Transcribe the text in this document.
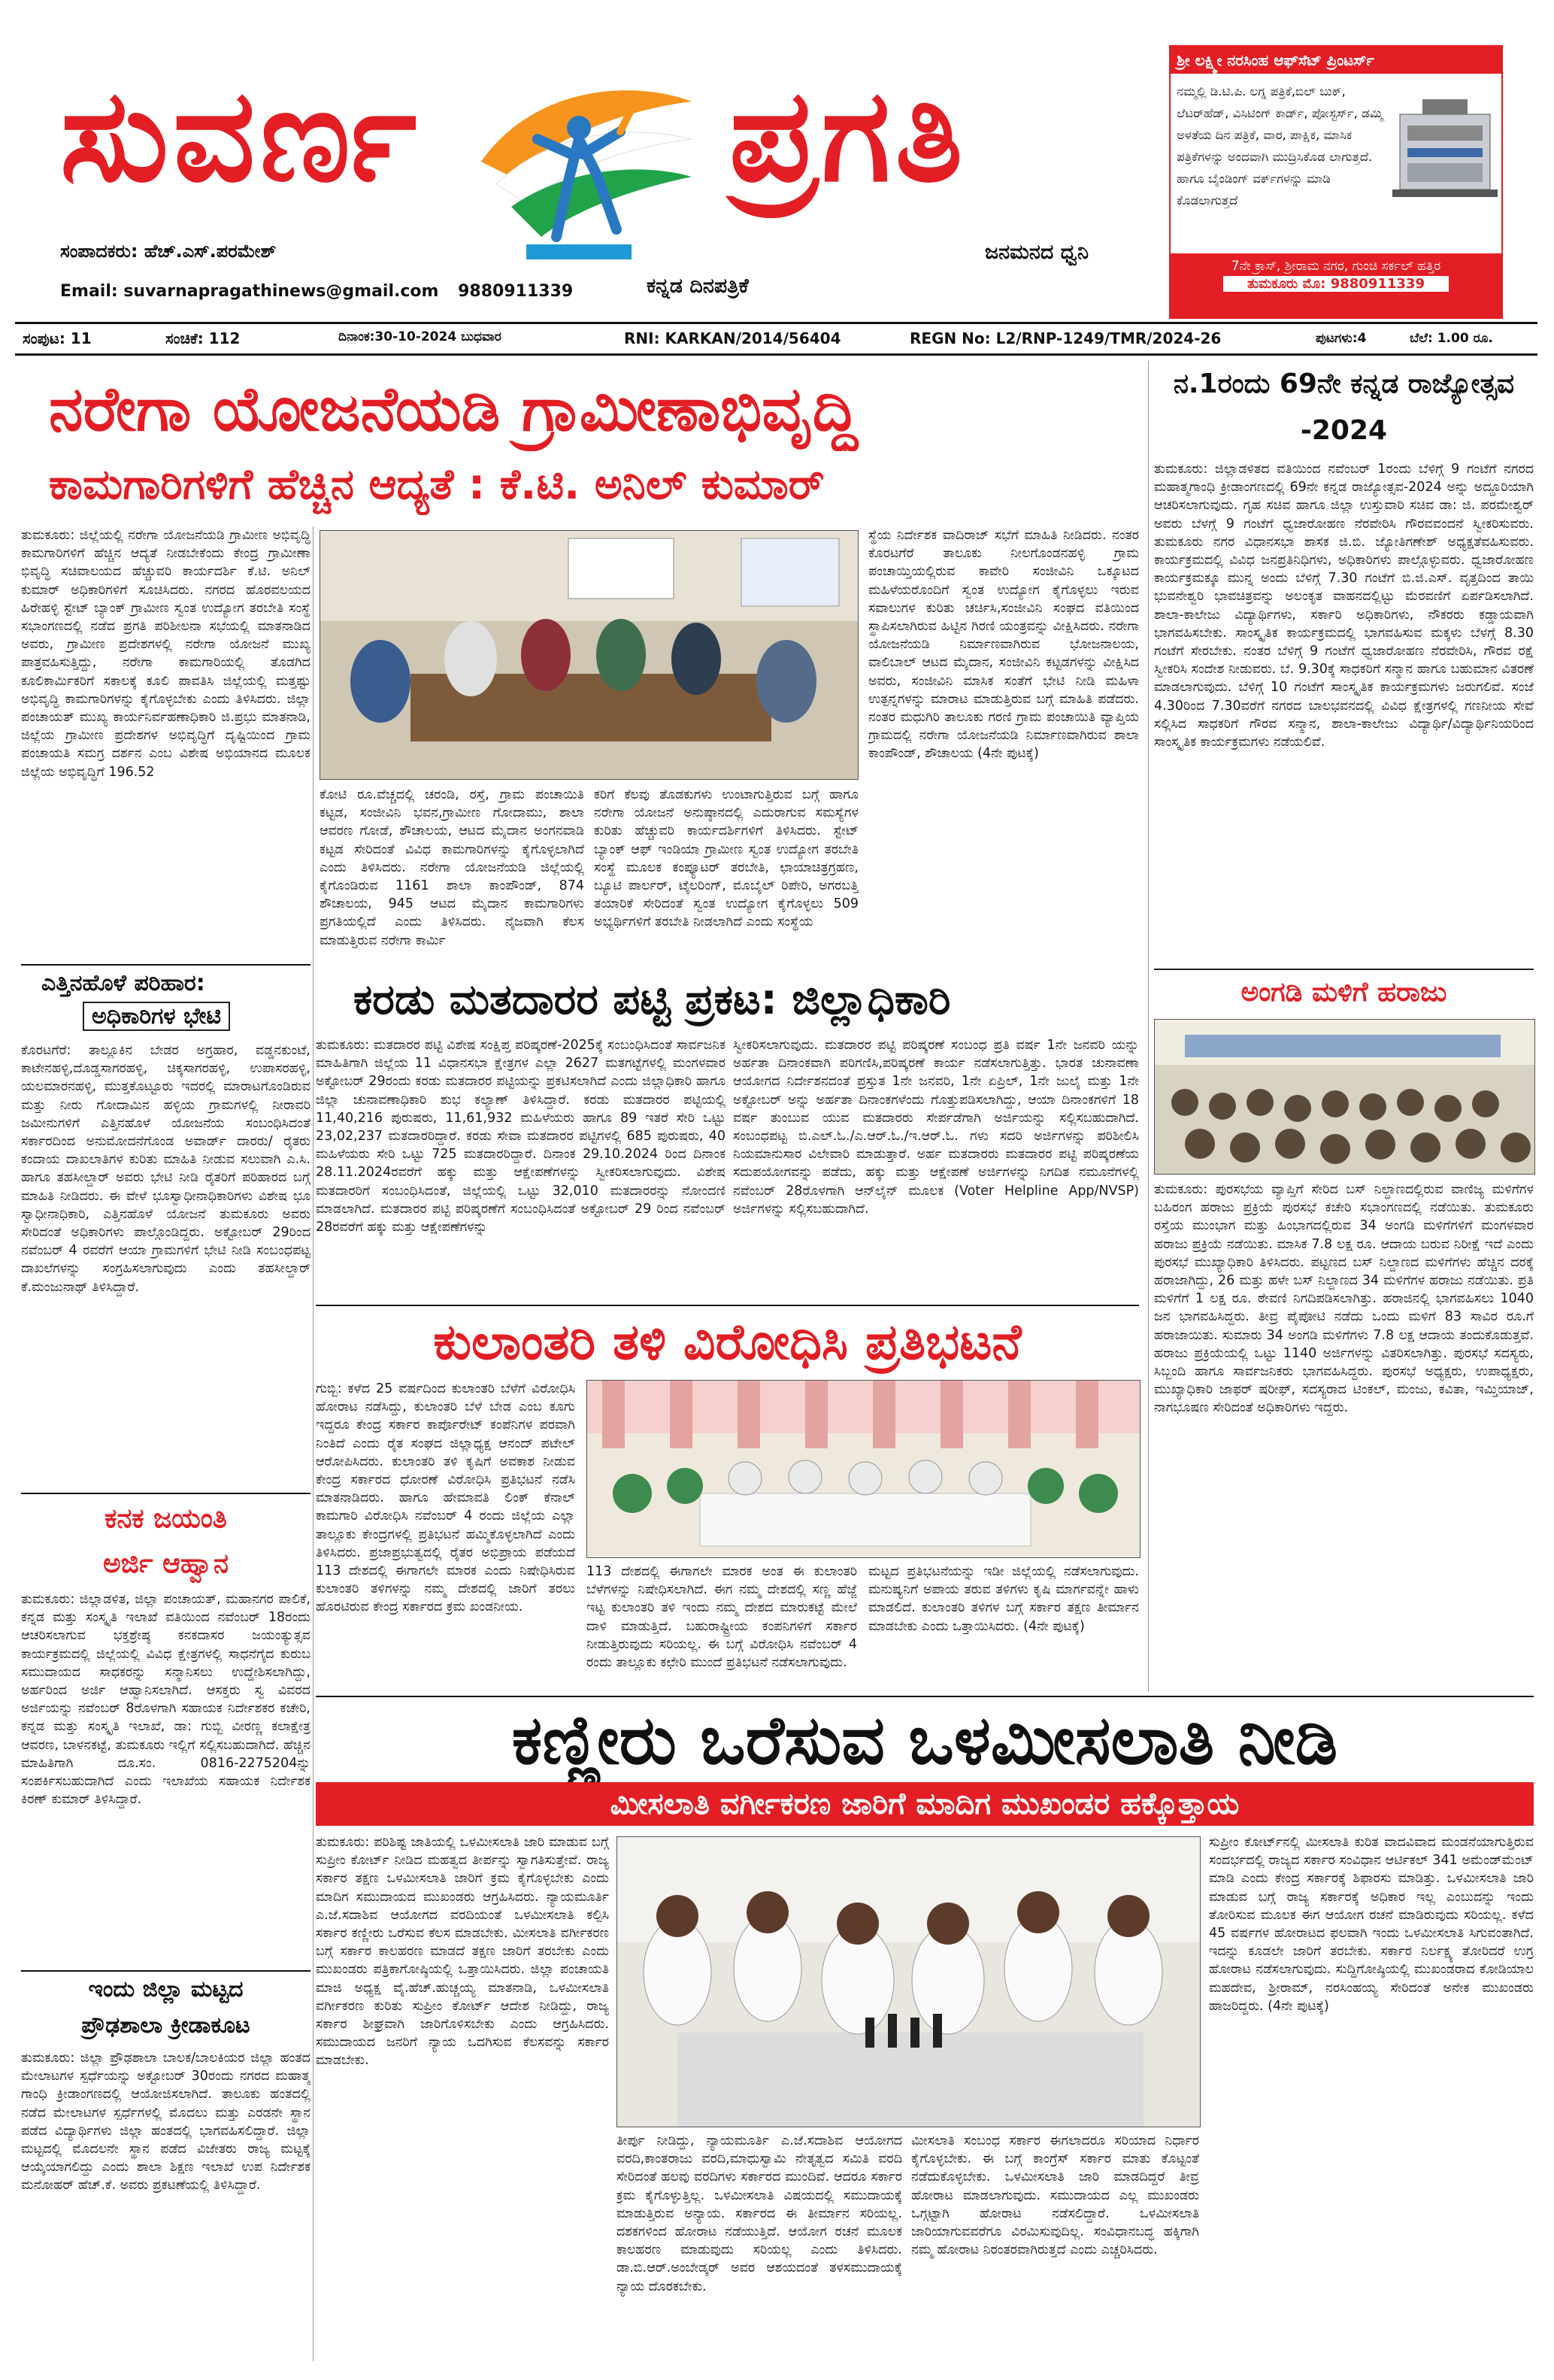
ಸುವರ್ಣ ಪ್ರಗತಿ
ಸಂಪಾದಕರು: ಹೆಚ್.ಎಸ್.ಪರಮೇಶ್
Email: suvarnapragathinews@gmail.com 9880911339	ಕನ್ನಡ ದಿನಪತ್ರಿಕೆ
ಜನಮನದ ಧ್ವನಿ
ಶ್ರೀ ಲಕ್ಷ್ಮೀ ನರಸಿಂಹ ಆಫ್‌ಸೆಟ್ ಪ್ರಿಂಟರ್ಸ್
ನಮ್ಮಲ್ಲಿ ಡಿ.ಟಿ.ಪಿ. ಲಗ್ನ ಪತ್ರಿಕೆ,ಬಿಲ್ ಬುಕ್, ಲೆಟರ್‌ಹೆಡ್, ವಿಸಿಟಿಂಗ್ ಕಾರ್ಡ್, ಪೋಸ್ಟರ್ಸ್, ಡಮ್ಮಿ ಅಳತೆಯ ದಿನ ಪತ್ರಿಕೆ, ವಾರ, ಪಾಕ್ಷಿಕ, ಮಾಸಿಕ ಪತ್ರಿಕೆಗಳನ್ನು ಅಂದವಾಗಿ ಮುದ್ರಿಸಿಕೊಡ ಲಾಗುತ್ತದೆ. ಹಾಗೂ ಬೈಂಡಿಂಗ್ ವರ್ಕ್‌ಗಳನ್ನು ಮಾಡಿ ಕೊಡಲಾಗುತ್ತದೆ
7ನೇ ಕ್ರಾಸ್, ಶ್ರೀರಾಮ ನಗರ, ಗುಂಚಿ ಸರ್ಕಲ್ ಹತ್ತಿರ
ತುಮಕೂರು ಮೊ: 9880911339
ಸಂಪುಟ: 11	ಸಂಚಿಕೆ: 112	ದಿನಾಂಕ:30-10-2024 ಬುಧವಾರ	RNI: KARKAN/2014/56404	REGN No: L2/RNP-1249/TMR/2024-26	ಪುಟಗಳು:4	ಬೆಲೆ: 1.00 ರೂ.
ನರೇಗಾ ಯೋಜನೆಯಡಿ ಗ್ರಾಮೀಣಾಭಿವೃದ್ಧಿ
ಕಾಮಗಾರಿಗಳಿಗೆ ಹೆಚ್ಚಿನ ಆದ್ಯತೆ : ಕೆ.ಟಿ. ಅನಿಲ್ ಕುಮಾರ್
ತುಮಕೂರು: ಜಿಲ್ಲೆಯಲ್ಲಿ ನರೇಗಾ ಯೋಜನೆಯಡಿ ಗ್ರಾಮೀಣ ಅಭಿವೃದ್ಧಿ ಕಾಮಗಾರಿಗಳಿಗೆ ಹೆಚ್ಚಿನ ಆದ್ಯತೆ ನೀಡಬೇಕೆಂದು ಕೇಂದ್ರ ಗ್ರಾಮೀಣಾ ಭಿವೃದ್ಧಿ ಸಚಿವಾಲಯದ ಹೆಚ್ಚುವರಿ ಕಾರ್ಯದರ್ಶಿ ಕೆ.ಟಿ. ಅನಿಲ್ ಕುಮಾರ್ ಅಧಿಕಾರಿಗಳಿಗೆ ಸೂಚಿಸಿದರು. ನಗರದ ಹೊರವಲಯದ ಹಿರೇಹಳ್ಳಿ ಸ್ಟೇಟ್ ಬ್ಯಾಂಕ್ ಗ್ರಾಮೀಣ ಸ್ವಂತ ಉದ್ಯೋಗ ತರಬೇತಿ ಸಂಸ್ಥೆ ಸಭಾಂಗಣದಲ್ಲಿ ನಡೆದ ಪ್ರಗತಿ ಪರಿಶೀಲನಾ ಸಭೆಯಲ್ಲಿ ಮಾತನಾಡಿದ ಅವರು, ಗ್ರಾಮೀಣ ಪ್ರದೇಶಗಳಲ್ಲಿ ನರೇಗಾ ಯೋಜನೆ ಮುಖ್ಯ ಪಾತ್ರವಹಿಸುತ್ತಿದ್ದು, ನರೇಗಾ ಕಾಮಗಾರಿಯಲ್ಲಿ ತೊಡಗಿದ ಕೂಲಿಕಾರ್ಮಿಕರಿಗೆ ಸಕಾಲಕ್ಕೆ ಕೂಲಿ ಪಾವತಿಸಿ ಜಿಲ್ಲೆಯಲ್ಲಿ ಮತ್ತಷ್ಟು ಅಭಿವೃದ್ಧಿ ಕಾಮಗಾರಿಗಳನ್ನು ಕೈಗೊಳ್ಳಬೇಕು ಎಂದು ತಿಳಿಸಿದರು. ಜಿಲ್ಲಾ ಪಂಚಾಯತ್ ಮುಖ್ಯ ಕಾರ್ಯನಿರ್ವಹಣಾಧಿಕಾರಿ ಜಿ.ಪ್ರಭು ಮಾತನಾಡಿ, ಜಿಲ್ಲೆಯ ಗ್ರಾಮೀಣ ಪ್ರದೇಶಗಳ ಅಭಿವೃದ್ಧಿಗೆ ದೃಷ್ಟಿಯಿಂದ ಗ್ರಾಮ ಪಂಚಾಯತಿ ಸಮಗ್ರ ದರ್ಶನ ಎಂಬ ವಿಶೇಷ ಅಭಿಯಾನದ ಮೂಲಕ ಜಿಲ್ಲೆಯ ಅಭಿವೃದ್ಧಿಗೆ 196.52
ಕೋಟಿ ರೂ.ವೆಚ್ಚದಲ್ಲಿ ಚರಂಡಿ, ರಸ್ತೆ, ಗ್ರಾಮ ಪಂಚಾಯಿತಿ ಕಟ್ಟಡ, ಸಂಜೀವಿನಿ ಭವನ,ಗ್ರಾಮೀಣ ಗೋದಾಮು, ಶಾಲಾ ಆವರಣ ಗೋಡೆ, ಶೌಚಾಲಯ, ಆಟದ ಮೈದಾನ ಅಂಗನವಾಡಿ ಕಟ್ಟಡ ಸೇರಿದಂತೆ ವಿವಿಧ ಕಾಮಗಾರಿಗಳನ್ನು ಕೈಗೊಳ್ಳಲಾಗಿದೆ ಎಂದು ತಿಳಿಸಿದರು. ನರೇಗಾ ಯೋಜನೆಯಡಿ ಜಿಲ್ಲೆಯಲ್ಲಿ ಕೈಗೊಂಡಿರುವ 1161 ಶಾಲಾ ಕಾಂಪೌಂಡ್, 874 ಶೌಚಾಲಯ, 945 ಆಟದ ಮೈದಾನ ಕಾಮಗಾರಿಗಳು ಪ್ರಗತಿಯಲ್ಲಿದೆ ಎಂದು ತಿಳಿಸಿದರು. ನೈಜವಾಗಿ ಕೆಲಸ ಮಾಡುತ್ತಿರುವ ನರೇಗಾ ಕಾರ್ಮಿ
ಕರಿಗೆ ಕೆಲವು ತೊಡಕುಗಳು ಉಂಟಾಗುತ್ತಿರುವ ಬಗ್ಗೆ ಹಾಗೂ ನರೇಗಾ ಯೋಜನೆ ಅನುಷ್ಠಾನದಲ್ಲಿ ಎದುರಾಗುವ ಸಮಸ್ಯೆಗಳ ಕುರಿತು ಹೆಚ್ಚುವರಿ ಕಾರ್ಯದರ್ಶಿಗಳಿಗೆ ತಿಳಿಸಿದರು. ಸ್ಟೇಟ್ ಬ್ಯಾಂಕ್ ಆಫ್ ಇಂಡಿಯಾ ಗ್ರಾಮೀಣ ಸ್ವಂತ ಉದ್ಯೋಗ ತರಬೇತಿ ಸಂಸ್ಥೆ ಮೂಲಕ ಕಂಪ್ಯೂಟರ್ ತರಬೇತಿ, ಛಾಯಾಚಿತ್ರಗ್ರಹಣ, ಬ್ಯೂಟಿ ಪಾರ್ಲರ್, ಟೈಲರಿಂಗ್, ಮೊಬೈಲ್ ರಿಪೇರಿ, ಅಗರಬತ್ತಿ ತಯಾರಿಕೆ ಸೇರಿದಂತೆ ಸ್ವಂತ ಉದ್ಯೋಗ ಕೈಗೊಳ್ಳಲು 509 ಅಭ್ಯರ್ಥಿಗಳಿಗೆ ತರಬೇತಿ ನೀಡಲಾಗಿದೆ ಎಂದು ಸಂಸ್ಥೆಯ
ಸ್ಥೆಯ ನಿರ್ದೇಶಕ ವಾದಿರಾಜ್ ಸಭೆಗೆ ಮಾಹಿತಿ ನೀಡಿದರು. ನಂತರ ಕೊರಟಗೆರೆ ತಾಲೂಕು ನೀಲಗೊಂಡನಹಳ್ಳಿ ಗ್ರಾಮ ಪಂಚಾಯ್ತಿಯಲ್ಲಿರುವ ಕಾವೇರಿ ಸಂಜೀವಿನಿ ಒಕ್ಕೂಟದ ಮಹಿಳೆಯರೊಂದಿಗೆ ಸ್ವಂತ ಉದ್ಯೋಗ ಕೈಗೊಳ್ಳಲು ಇರುವ ಸವಾಲುಗಳ ಕುರಿತು ಚರ್ಚಿಸಿ,ಸಂಜೀವಿನಿ ಸಂಘದ ವತಿಯಿಂದ ಸ್ಥಾಪಿಸಲಾಗಿರುವ ಹಿಟ್ಟಿನ ಗಿರಣಿ ಯಂತ್ರವನ್ನು ವೀಕ್ಷಿಸಿದರು. ನರೇಗಾ ಯೋಜನೆಯಡಿ ನಿರ್ಮಾಣವಾಗಿರುವ ಭೋಜನಾಲಯ, ವಾಲಿಬಾಲ್ ಆಟದ ಮೈದಾನ, ಸಂಜೀವಿನಿ ಕಟ್ಟಡಗಳನ್ನು ವೀಕ್ಷಿಸಿದ ಅವರು, ಸಂಜೀವಿನಿ ಮಾಸಿಕ ಸಂತೆಗೆ ಭೇಟಿ ನೀಡಿ ಮಹಿಳಾ ಉತ್ಪನ್ನಗಳನ್ನು ಮಾರಾಟ ಮಾಡುತ್ತಿರುವ ಬಗ್ಗೆ ಮಾಹಿತಿ ಪಡೆದರು. ನಂತರ ಮಧುಗಿರಿ ತಾಲೂಕು ಗರಣಿ ಗ್ರಾಮ ಪಂಚಾಯಿತಿ ವ್ಯಾಪ್ತಿಯ ಗ್ರಾಮದಲ್ಲಿ ನರೇಗಾ ಯೋಜನೆಯಡಿ ನಿರ್ಮಾಣವಾಗಿರುವ ಶಾಲಾ ಕಾಂಪೌಂಡ್, ಶೌಚಾಲಯ (4ನೇ ಪುಟಕ್ಕೆ)
ನ.1ರಂದು 69ನೇ ಕನ್ನಡ ರಾಜ್ಯೋತ್ಸವ -2024
ತುಮಕೂರು: ಜಿಲ್ಲಾಡಳಿತದ ವತಿಯಿಂದ ನವೆಂಬರ್ 1ರಂದು ಬೆಳಿಗ್ಗೆ 9 ಗಂಟೆಗೆ ನಗರದ ಮಹಾತ್ಮಗಾಂಧಿ ಕ್ರೀಡಾಂಗಣದಲ್ಲಿ 69ನೇ ಕನ್ನಡ ರಾಜ್ಯೋತ್ಸವ-2024 ಅನ್ನು ಅದ್ದೂರಿಯಾಗಿ ಆಚರಿಸಲಾಗುವುದು. ಗೃಹ ಸಚಿವ ಹಾಗೂ ಜಿಲ್ಲಾ ಉಸ್ತುವಾರಿ ಸಚಿವ ಡಾ: ಜಿ. ಪರಮೇಶ್ವರ್ ಅವರು ಬೆಳಗ್ಗೆ 9 ಗಂಟೆಗೆ ಧ್ವಜಾರೋಹಣ ನೆರವೇರಿಸಿ ಗೌರವವಂದನೆ ಸ್ವೀಕರಿಸುವರು. ತುಮಕೂರು ನಗರ ವಿಧಾನಸಭಾ ಶಾಸಕ ಜಿ.ಬಿ. ಜ್ಯೋತಿಗಣೇಶ್ ಅಧ್ಯಕ್ಷತೆವಹಿಸುವರು. ಕಾರ್ಯಕ್ರಮದಲ್ಲಿ ವಿವಿಧ ಜನಪ್ರತಿನಿಧಿಗಳು, ಅಧಿಕಾರಿಗಳು ಪಾಲ್ಗೊಳ್ಳುವರು. ಧ್ವಜಾರೋಹಣ ಕಾರ್ಯಕ್ರಮಕ್ಕೂ ಮುನ್ನ ಅಂದು ಬೆಳಿಗ್ಗೆ 7.30 ಗಂಟೆಗೆ ಬಿ.ಜಿ.ಎಸ್. ವೃತ್ತದಿಂದ ತಾಯಿ ಭುವನೇಶ್ವರಿ ಭಾವಚಿತ್ರವನ್ನು ಅಲಂಕೃತ ವಾಹನದಲ್ಲಿಟ್ಟು ಮೆರವಣಿಗೆ ಏರ್ಪಡಿಸಲಾಗಿದೆ. ಶಾಲಾ-ಕಾಲೇಜು ವಿದ್ಯಾರ್ಥಿಗಳು, ಸರ್ಕಾರಿ ಅಧಿಕಾರಿಗಳು, ನೌಕರರು ಕಡ್ಡಾಯವಾಗಿ ಭಾಗವಹಿಸಬೇಕು. ಸಾಂಸ್ಕೃತಿಕ ಕಾರ್ಯಕ್ರಮದಲ್ಲಿ ಭಾಗವಹಿಸುವ ಮಕ್ಕಳು ಬೆಳಗ್ಗೆ 8.30 ಗಂಟೆಗೆ ಸೇರಬೇಕು. ನಂತರ ಬೆಳಿಗ್ಗೆ 9 ಗಂಟೆಗೆ ಧ್ವಜಾರೋಹಣ ನೆರವೇರಿಸಿ, ಗೌರವ ರಕ್ಷೆ ಸ್ವೀಕರಿಸಿ ಸಂದೇಶ ನೀಡುವರು. ಬೆ. 9.30ಕ್ಕೆ ಸಾಧಕರಿಗೆ ಸನ್ಮಾನ ಹಾಗೂ ಬಹುಮಾನ ವಿತರಣೆ ಮಾಡಲಾಗುವುದು. ಬೆಳಿಗ್ಗೆ 10 ಗಂಟೆಗೆ ಸಾಂಸ್ಕೃತಿಕ ಕಾರ್ಯಕ್ರಮಗಳು ಜರುಗಲಿವೆ. ಸಂಜೆ 4.30ರಿಂದ 7.30ವರೆಗೆ ನಗರದ ಬಾಲಭವನದಲ್ಲಿ ವಿವಿಧ ಕ್ಷೇತ್ರಗಳಲ್ಲಿ ಗಣನೀಯ ಸೇವೆ ಸಲ್ಲಿಸಿದ ಸಾಧಕರಿಗೆ ಗೌರವ ಸನ್ಮಾನ, ಶಾಲಾ-ಕಾಲೇಜು ವಿದ್ಯಾರ್ಥಿ/ವಿದ್ಯಾರ್ಥಿನಿಯರಿಂದ ಸಾಂಸ್ಕೃತಿಕ ಕಾರ್ಯಕ್ರಮಗಳು ನಡೆಯಲಿವೆ.
ಎತ್ತಿನಹೊಳೆ ಪರಿಹಾರ:
ಅಧಿಕಾರಿಗಳ ಭೇಟಿ
ಕೊರಟಗೆರೆ: ತಾಲ್ಲೂಕಿನ ಬೇಡರ ಅಗ್ರಹಾರ, ವಡ್ಡನಕುಂಟೆ, ಕಾಟೇನಹಳ್ಳಿ,ದೊಡ್ಡಸಾಗರಹಳ್ಳಿ, ಚಿಕ್ಕಸಾಗರಹಳ್ಳಿ, ಉಪಾಸರಹಳ್ಳಿ, ಯಲಮಾರನಹಳ್ಳಿ, ಮುತ್ತಕೊಟ್ಟೂರು ಇದರಲ್ಲಿ ಮಾರಾಟಗೊಂಡಿರುವ ಮತ್ತು ನೀರು ಗೋದಾಮಿನ ಹಳ್ಳಿಯ ಗ್ರಾಮಗಳಲ್ಲಿ ನೀರಾವರಿ ಜಮೀನುಗಳಿಗೆ ಎತ್ತಿನಹೊಳೆ ಯೋಜನೆಯ ಸಂಬಂಧಿಸಿದಂತೆ ಸರ್ಕಾರದಿಂದ ಅನುಮೋದನೆಗೊಂಡ ಅವಾರ್ಡ್ ದಾರರು/ ರೈತರು ಕಂದಾಯ ದಾಖಲಾತಿಗಳ ಕುರಿತು ಮಾಹಿತಿ ನೀಡುವ ಸಲುವಾಗಿ ಎ.ಸಿ. ಹಾಗೂ ತಹಸೀಲ್ದಾರ್ ಅವರು ಭೇಟಿ ನೀಡಿ ರೈತರಿಗೆ ಪರಿಹಾರದ ಬಗ್ಗೆ ಮಾಹಿತಿ ನೀಡಿದರು. ಈ ವೇಳೆ ಭೂಸ್ವಾಧೀನಾಧಿಕಾರಿಗಳು ವಿಶೇಷ ಭೂ ಸ್ವಾಧೀನಾಧಿಕಾರಿ, ಎತ್ತಿನಹೊಳೆ ಯೋಜನೆ ತುಮಕೂರು ಅವರು ಸೇರಿದಂತೆ ಅಧಿಕಾರಿಗಳು ಪಾಲ್ಗೊಂಡಿದ್ದರು. ಅಕ್ಟೋಬರ್ 29ರಿಂದ ನವೆಂಬರ್ 4 ರವರೆಗೆ ಆಯಾ ಗ್ರಾಮಗಳಿಗೆ ಭೇಟಿ ನೀಡಿ ಸಂಬಂಧಪಟ್ಟ ದಾಖಲೆಗಳನ್ನು ಸಂಗ್ರಹಿಸಲಾಗುವುದು ಎಂದು ತಹಸೀಲ್ದಾರ್ ಕೆ.ಮಂಜುನಾಥ್ ತಿಳಿಸಿದ್ದಾರೆ.
ಕರಡು ಮತದಾರರ ಪಟ್ಟಿ ಪ್ರಕಟ: ಜಿಲ್ಲಾಧಿಕಾರಿ
ತುಮಕೂರು: ಮತದಾರರ ಪಟ್ಟಿ ವಿಶೇಷ ಸಂಕ್ಷಿಪ್ತ ಪರಿಷ್ಕರಣೆ-2025ಕ್ಕೆ ಸಂಬಂಧಿಸಿದಂತೆ ಸಾರ್ವಜನಿಕ ಮಾಹಿತಿಗಾಗಿ ಜಿಲ್ಲೆಯ 11 ವಿಧಾನಸಭಾ ಕ್ಷೇತ್ರಗಳ ಎಲ್ಲಾ 2627 ಮತಗಟ್ಟೆಗಳಲ್ಲಿ ಮಂಗಳವಾರ ಅಕ್ಟೋಬರ್ 29ರಂದು ಕರಡು ಮತದಾರರ ಪಟ್ಟಿಯನ್ನು ಪ್ರಕಟಿಸಲಾಗಿದೆ ಎಂದು ಜಿಲ್ಲಾಧಿಕಾರಿ ಹಾಗೂ ಜಿಲ್ಲಾ ಚುನಾವಣಾಧಿಕಾರಿ ಶುಭ ಕಲ್ಯಾಣ್ ತಿಳಿಸಿದ್ದಾರೆ. ಕರಡು ಮತದಾರರ ಪಟ್ಟಿಯಲ್ಲಿ 11,40,216 ಪುರುಷರು, 11,61,932 ಮಹಿಳೆಯರು ಹಾಗೂ 89 ಇತರೆ ಸೇರಿ ಒಟ್ಟು 23,02,237 ಮತದಾರರಿದ್ದಾರೆ. ಕರಡು ಸೇವಾ ಮತದಾರರ ಪಟ್ಟಿಗಳಲ್ಲಿ 685 ಪುರುಷರು, 40 ಮಹಿಳೆಯರು ಸೇರಿ ಒಟ್ಟು 725 ಮತದಾರರಿದ್ದಾರೆ. ದಿನಾಂಕ 29.10.2024 ರಿಂದ ದಿನಾಂಕ 28.11.2024ರವರೆಗೆ ಹಕ್ಕು ಮತ್ತು ಆಕ್ಷೇಪಣೆಗಳನ್ನು ಸ್ವೀಕರಿಸಲಾಗುವುದು. ವಿಶೇಷ ಮತದಾರರಿಗೆ ಸಂಬಂಧಿಸಿದಂತೆ, ಜಿಲ್ಲೆಯಲ್ಲಿ ಒಟ್ಟು 32,010 ಮತದಾರರನ್ನು ನೋಂದಣಿ ಮಾಡಲಾಗಿದೆ. ಮತದಾರರ ಪಟ್ಟಿ ಪರಿಷ್ಕರಣೆಗೆ ಸಂಬಂಧಿಸಿದಂತೆ ಅಕ್ಟೋಬರ್ 29 ರಿಂದ ನವೆಂಬರ್ 28ರವರೆಗೆ ಹಕ್ಕು ಮತ್ತು ಆಕ್ಷೇಪಣೆಗಳನ್ನು
ಸ್ವೀಕರಿಸಲಾಗುವುದು. ಮತದಾರರ ಪಟ್ಟಿ ಪರಿಷ್ಕರಣೆ ಸಂಬಂಧ ಪ್ರತಿ ವರ್ಷ 1ನೇ ಜನವರಿ ಯನ್ನು ಅರ್ಹತಾ ದಿನಾಂಕವಾಗಿ ಪರಿಗಣಿಸಿ,ಪರಿಷ್ಕರಣೆ ಕಾರ್ಯ ನಡೆಸಲಾಗುತ್ತಿತ್ತು. ಭಾರತ ಚುನಾವಣಾ ಆಯೋಗದ ನಿರ್ದೇಶನದಂತೆ ಪ್ರಸ್ತುತ 1ನೇ ಜನವರಿ, 1ನೇ ಏಪ್ರಿಲ್, 1ನೇ ಜುಲೈ ಮತ್ತು 1ನೇ ಅಕ್ಟೋಬರ್ ಅನ್ನು ಅರ್ಹತಾ ದಿನಾಂಕಗಳೆಂದು ಗೊತ್ತುಪಡಿಸಲಾಗಿದ್ದು, ಆಯಾ ದಿನಾಂಕಗಳಿಗೆ 18 ವರ್ಷ ತುಂಬುವ ಯುವ ಮತದಾರರು ಸೇರ್ಪಡೆಗಾಗಿ ಅರ್ಜಿಯನ್ನು ಸಲ್ಲಿಸಬಹುದಾಗಿದೆ. ಸಂಬಂಧಪಟ್ಟ ಬಿ.ಎಲ್.ಓ./ಎ.ಆರ್.ಓ./ಇ.ಆರ್.ಓ. ಗಳು ಸದರಿ ಅರ್ಜಿಗಳನ್ನು ಪರಿಶೀಲಿಸಿ ನಿಯಮಾನುಸಾರ ವಿಲೇವಾರಿ ಮಾಡುತ್ತಾರೆ. ಅರ್ಹ ಮತದಾರರು ಮತದಾರರ ಪಟ್ಟಿ ಪರಿಷ್ಕರಣೆಯ ಸದುಪಯೋಗವನ್ನು ಪಡೆದು, ಹಕ್ಕು ಮತ್ತು ಆಕ್ಷೇಪಣೆ ಅರ್ಜಿಗಳನ್ನು ನಿಗದಿತ ನಮೂನೆಗಳಲ್ಲಿ ನವೆಂಬರ್ 28ರೊಳಗಾಗಿ ಆನ್‌ಲೈನ್ ಮೂಲಕ (Voter Helpline App/NVSP) ಅರ್ಜಿಗಳನ್ನು ಸಲ್ಲಿಸಬಹುದಾಗಿದೆ.
ಅಂಗಡಿ ಮಳಿಗೆ ಹರಾಜು
ತುಮಕೂರು: ಪುರಸಭೆಯ ವ್ಯಾಪ್ತಿಗೆ ಸೇರಿದ ಬಸ್ ನಿಲ್ದಾಣದಲ್ಲಿರುವ ವಾಣಿಜ್ಯ ಮಳಿಗೆಗಳ ಬಹಿರಂಗ ಹರಾಜು ಪ್ರಕ್ರಿಯೆ ಪುರಸಭೆ ಕಚೇರಿ ಸಭಾಂಗಣದಲ್ಲಿ ನಡೆಯಿತು. ತುಮಕೂರು ರಸ್ತೆಯ ಮುಂಭಾಗ ಮತ್ತು ಹಿಂಭಾಗದಲ್ಲಿರುವ 34 ಅಂಗಡಿ ಮಳಿಗೆಗಳಿಗೆ ಮಂಗಳವಾರ ಹರಾಜು ಪ್ರಕ್ರಿಯೆ ನಡೆಯಿತು. ಮಾಸಿಕ 7.8 ಲಕ್ಷ ರೂ. ಆದಾಯ ಬರುವ ನಿರೀಕ್ಷೆ ಇದೆ ಎಂದು ಪುರಸಭೆ ಮುಖ್ಯಾಧಿಕಾರಿ ತಿಳಿಸಿದರು. ಪಟ್ಟಣದ ಬಸ್ ನಿಲ್ದಾಣದ ಮಳಿಗೆಗಳು ಹೆಚ್ಚಿನ ದರಕ್ಕೆ ಹರಾಜಾಗಿದ್ದು, 26 ಮತ್ತು ಹಳೇ ಬಸ್ ನಿಲ್ದಾಣದ 34 ಮಳಿಗೆಗಳ ಹರಾಜು ನಡೆಯಿತು. ಪ್ರತಿ ಮಳಿಗೆಗೆ 1 ಲಕ್ಷ ರೂ. ಠೇವಣಿ ನಿಗದಿಪಡಿಸಲಾಗಿತ್ತು. ಹರಾಜಿನಲ್ಲಿ ಭಾಗವಹಿಸಲು 1040 ಜನ ಭಾಗವಹಿಸಿದ್ದರು. ತೀವ್ರ ಪೈಪೋಟಿ ನಡೆದು ಒಂದು ಮಳಿಗೆ 83 ಸಾವಿರ ರೂ.ಗೆ ಹರಾಜಾಯಿತು. ಸುಮಾರು 34 ಅಂಗಡಿ ಮಳಿಗೆಗಳು 7.8 ಲಕ್ಷ ಆದಾಯ ತಂದುಕೊಡುತ್ತವೆ. ಹರಾಜು ಪ್ರಕ್ರಿಯೆಯಲ್ಲಿ ಒಟ್ಟು 1140 ಅರ್ಜಿಗಳನ್ನು ವಿತರಿಸಲಾಗಿತ್ತು. ಪುರಸಭೆ ಸದಸ್ಯರು, ಸಿಬ್ಬಂದಿ ಹಾಗೂ ಸಾರ್ವಜನಿಕರು ಭಾಗವಹಿಸಿದ್ದರು. ಪುರಸಭೆ ಅಧ್ಯಕ್ಷರು, ಉಪಾಧ್ಯಕ್ಷರು, ಮುಖ್ಯಾಧಿಕಾರಿ ಜಾಫರ್ ಷರೀಫ್, ಸದಸ್ಯರಾದ ಟಿಂಕಲ್, ಮಂಜು, ಕವಿತಾ, ಇಮ್ತಿಯಾಜ್, ನಾಗಭೂಷಣ ಸೇರಿದಂತೆ ಅಧಿಕಾರಿಗಳು ಇದ್ದರು.
ಕನಕ ಜಯಂತಿ
ಅರ್ಜಿ ಆಹ್ವಾನ
ತುಮಕೂರು: ಜಿಲ್ಲಾಡಳಿತ, ಜಿಲ್ಲಾ ಪಂಚಾಯತ್, ಮಹಾನಗರ ಪಾಲಿಕೆ, ಕನ್ನಡ ಮತ್ತು ಸಂಸ್ಕೃತಿ ಇಲಾಖೆ ವತಿಯಿಂದ ನವೆಂಬರ್ 18ರಂದು ಆಚರಿಸಲಾಗುವ ಭಕ್ತಶ್ರೇಷ್ಠ ಕನಕದಾಸರ ಜಯಂತ್ಯುತ್ಸವ ಕಾರ್ಯಕ್ರಮದಲ್ಲಿ ಜಿಲ್ಲೆಯಲ್ಲಿ ವಿವಿಧ ಕ್ಷೇತ್ರಗಳಲ್ಲಿ ಸಾಧನೆಗೈದ ಕುರುಬ ಸಮುದಾಯದ ಸಾಧಕರನ್ನು ಸನ್ಮಾನಿಸಲು ಉದ್ದೇಶಿಸಲಾಗಿದ್ದು, ಅರ್ಹರಿಂದ ಅರ್ಜಿ ಆಹ್ವಾನಿಸಲಾಗಿದೆ. ಆಸಕ್ತರು ಸ್ವ ವಿವರದ ಅರ್ಜಿಯನ್ನು ನವೆಂಬರ್ 8ರೊಳಗಾಗಿ ಸಹಾಯಕ ನಿರ್ದೇಶಕರ ಕಚೇರಿ, ಕನ್ನಡ ಮತ್ತು ಸಂಸ್ಕೃತಿ ಇಲಾಖೆ, ಡಾ: ಗುಬ್ಬಿ ವೀರಣ್ಣ ಕಲಾಕ್ಷೇತ್ರ ಆವರಣ, ಬಾಳನಕಟ್ಟೆ, ತುಮಕೂರು ಇಲ್ಲಿಗೆ ಸಲ್ಲಿಸಬಹುದಾಗಿದೆ. ಹೆಚ್ಚಿನ ಮಾಹಿತಿಗಾಗಿ ದೂ.ಸಂ. 0816-2275204ನ್ನು ಸಂಪರ್ಕಿಸಬಹುದಾಗಿದೆ ಎಂದು ಇಲಾಖೆಯ ಸಹಾಯಕ ನಿರ್ದೇಶಕ ಕಿರಣ್ ಕುಮಾರ್ ತಿಳಿಸಿದ್ದಾರೆ.
ಕುಲಾಂತರಿ ತಳಿ ವಿರೋಧಿಸಿ ಪ್ರತಿಭಟನೆ
ಗುಬ್ಬಿ: ಕಳೆದ 25 ವರ್ಷದಿಂದ ಕುಲಾಂತರಿ ಬೆಳೆಗೆ ವಿರೋಧಿಸಿ ಹೋರಾಟ ನಡೆಸಿದ್ದು, ಕುಲಾಂತರಿ ಬೆಳೆ ಬೇಡ ಎಂಬ ಕೂಗು ಇದ್ದರೂ ಕೇಂದ್ರ ಸರ್ಕಾರ ಕಾರ್ಪೊರೇಟ್ ಕಂಪೆನಿಗಳ ಪರವಾಗಿ ನಿಂತಿದೆ ಎಂದು ರೈತ ಸಂಘದ ಜಿಲ್ಲಾಧ್ಯಕ್ಷ ಆನಂದ್ ಪಟೇಲ್ ಆರೋಪಿಸಿದರು. ಕುಲಾಂತರಿ ತಳಿ ಕೃಷಿಗೆ ಅವಕಾಶ ನೀಡುವ ಕೇಂದ್ರ ಸರ್ಕಾರದ ಧೋರಣೆ ವಿರೋಧಿಸಿ ಪ್ರತಿಭಟನೆ ನಡೆಸಿ ಮಾತನಾಡಿದರು. ಹಾಗೂ ಹೇಮಾವತಿ ಲಿಂಕ್ ಕೆನಾಲ್ ಕಾಮಗಾರಿ ವಿರೋಧಿಸಿ ನವೆಂಬರ್ 4 ರಂದು ಜಿಲ್ಲೆಯ ಎಲ್ಲಾ ತಾಲ್ಲೂಕು ಕೇಂದ್ರಗಳಲ್ಲಿ ಪ್ರತಿಭಟನೆ ಹಮ್ಮಿಕೊಳ್ಳಲಾಗಿದೆ ಎಂದು ತಿಳಿಸಿದರು. ಪ್ರಜಾಪ್ರಭುತ್ವದಲ್ಲಿ ರೈತರ ಅಭಿಪ್ರಾಯ ಪಡೆಯದೆ 113 ದೇಶದಲ್ಲಿ ಈಗಾಗಲೇ ಮಾರಕ ಎಂದು ನಿಷೇಧಿಸಿರುವ ಕುಲಾಂತರಿ ತಳಿಗಳನ್ನು ನಮ್ಮ ದೇಶದಲ್ಲಿ ಜಾರಿಗೆ ತರಲು ಹೊರಟಿರುವ ಕೇಂದ್ರ ಸರ್ಕಾರದ ಕ್ರಮ ಖಂಡನೀಯ.
113 ದೇಶದಲ್ಲಿ ಈಗಾಗಲೇ ಮಾರಕ ಅಂತ ಈ ಕುಲಾಂತರಿ ಬೆಳೆಗಳನ್ನು ನಿಷೇಧಿಸಲಾಗಿದೆ. ಈಗ ನಮ್ಮ ದೇಶದಲ್ಲಿ ಸಣ್ಣ ಹೆಜ್ಜೆ ಇಟ್ಟ ಕುಲಾಂತರಿ ತಳಿ ಇಂದು ನಮ್ಮ ದೇಶದ ಮಾರುಕಟ್ಟೆ ಮೇಲೆ ದಾಳಿ ಮಾಡುತ್ತಿದೆ. ಬಹುರಾಷ್ಟ್ರೀಯ ಕಂಪನಿಗಳಿಗೆ ಸರ್ಕಾರ ನೀಡುತ್ತಿರುವುದು ಸರಿಯಲ್ಲ. ಈ ಬಗ್ಗೆ ವಿರೋಧಿಸಿ ನವೆಂಬರ್ 4 ರಂದು ತಾಲ್ಲೂಕು ಕಛೇರಿ ಮುಂದೆ ಪ್ರತಿಭಟನೆ ನಡೆಸಲಾಗುವುದು.
ಮಟ್ಟದ ಪ್ರತಿಭಟನೆಯನ್ನು ಇಡೀ ಜಿಲ್ಲೆಯಲ್ಲಿ ನಡೆಸಲಾಗುವುದು. ಮನುಷ್ಯನಿಗೆ ಅಪಾಯ ತರುವ ತಳಿಗಳು ಕೃಷಿ ಮಾರ್ಗವನ್ನೇ ಹಾಳು ಮಾಡಲಿದೆ. ಕುಲಾಂತರಿ ತಳಿಗಳ ಬಗ್ಗೆ ಸರ್ಕಾರ ತಕ್ಷಣ ತೀರ್ಮಾನ ಮಾಡಬೇಕು ಎಂದು ಒತ್ತಾಯಿಸಿದರು. (4ನೇ ಪುಟಕ್ಕೆ)
ಇಂದು ಜಿಲ್ಲಾ ಮಟ್ಟದ
ಪ್ರೌಢಶಾಲಾ ಕ್ರೀಡಾಕೂಟ
ತುಮಕೂರು: ಜಿಲ್ಲಾ ಪ್ರೌಢಶಾಲಾ ಬಾಲಕ/ಬಾಲಕಿಯರ ಜಿಲ್ಲಾ ಹಂತದ ಮೇಲಾಟಗಳ ಸ್ಪರ್ಧೆಯನ್ನು ಅಕ್ಟೋಬರ್ 30ರಂದು ನಗರದ ಮಹಾತ್ಮ ಗಾಂಧಿ ಕ್ರೀಡಾಂಗಣದಲ್ಲಿ ಆಯೋಜಿಸಲಾಗಿದೆ. ತಾಲೂಕು ಹಂತದಲ್ಲಿ ನಡೆದ ಮೇಲಾಟಗಳ ಸ್ಪರ್ಧೆಗಳಲ್ಲಿ ಮೊದಲು ಮತ್ತು ಎರಡನೇ ಸ್ಥಾನ ಪಡೆದ ವಿದ್ಯಾರ್ಥಿಗಳು ಜಿಲ್ಲಾ ಹಂತದಲ್ಲಿ ಭಾಗವಹಿಸಲಿದ್ದಾರೆ. ಜಿಲ್ಲಾ ಮಟ್ಟದಲ್ಲಿ ಮೊದಲನೇ ಸ್ಥಾನ ಪಡೆದ ವಿಜೇತರು ರಾಜ್ಯ ಮಟ್ಟಕ್ಕೆ ಆಯ್ಕೆಯಾಗಲಿದ್ದು ಎಂದು ಶಾಲಾ ಶಿಕ್ಷಣ ಇಲಾಖೆ ಉಪ ನಿರ್ದೇಶಕ ಮನೋಹರ್ ಹೆಚ್.ಕೆ. ಅವರು ಪ್ರಕಟಣೆಯಲ್ಲಿ ತಿಳಿಸಿದ್ದಾರೆ.
ಕಣ್ಣೀರು ಒರೆಸುವ ಒಳಮೀಸಲಾತಿ ನೀಡಿ
ಮೀಸಲಾತಿ ವರ್ಗೀಕರಣ ಜಾರಿಗೆ ಮಾದಿಗ ಮುಖಂಡರ ಹಕ್ಕೊತ್ತಾಯ
ತುಮಕೂರು: ಪರಿಶಿಷ್ಟ ಜಾತಿಯಲ್ಲಿ ಒಳಮೀಸಲಾತಿ ಜಾರಿ ಮಾಡುವ ಬಗ್ಗೆ ಸುಪ್ರೀಂ ಕೋರ್ಟ್ ನೀಡಿದ ಮಹತ್ವದ ತೀರ್ಪನ್ನು ಸ್ವಾಗತಿಸುತ್ತೇವೆ. ರಾಜ್ಯ ಸರ್ಕಾರ ತಕ್ಷಣ ಒಳಮೀಸಲಾತಿ ಜಾರಿಗೆ ಕ್ರಮ ಕೈಗೊಳ್ಳಬೇಕು ಎಂದು ಮಾದಿಗ ಸಮುದಾಯದ ಮುಖಂಡರು ಆಗ್ರಹಿಸಿದರು. ನ್ಯಾಯಮೂರ್ತಿ ಎ.ಜೆ.ಸದಾಶಿವ ಆಯೋಗದ ವರದಿಯಂತೆ ಒಳಮೀಸಲಾತಿ ಕಲ್ಪಿಸಿ ಸರ್ಕಾರ ಕಣ್ಣೀರು ಒರೆಸುವ ಕೆಲಸ ಮಾಡಬೇಕು. ಮೀಸಲಾತಿ ವರ್ಗೀಕರಣ ಬಗ್ಗೆ ಸರ್ಕಾರ ಕಾಲಹರಣ ಮಾಡದೆ ತಕ್ಷಣ ಜಾರಿಗೆ ತರಬೇಕು ಎಂದು ಮುಖಂಡರು ಪತ್ರಿಕಾಗೋಷ್ಠಿಯಲ್ಲಿ ಒತ್ತಾಯಿಸಿದರು. ಜಿಲ್ಲಾ ಪಂಚಾಯತಿ ಮಾಜಿ ಅಧ್ಯಕ್ಷ ವೈ.ಹೆಚ್.ಹುಚ್ಚಯ್ಯ ಮಾತನಾಡಿ, ಒಳಮೀಸಲಾತಿ ವರ್ಗೀಕರಣ ಕುರಿತು ಸುಪ್ರೀಂ ಕೋರ್ಟ್ ಆದೇಶ ನೀಡಿದ್ದು, ರಾಜ್ಯ ಸರ್ಕಾರ ಶೀಘ್ರವಾಗಿ ಜಾರಿಗೊಳಿಸಬೇಕು ಎಂದು ಆಗ್ರಹಿಸಿದರು. ಸಮುದಾಯದ ಜನರಿಗೆ ನ್ಯಾಯ ಒದಗಿಸುವ ಕೆಲಸವನ್ನು ಸರ್ಕಾರ ಮಾಡಬೇಕು.
ತೀರ್ಪು ನೀಡಿದ್ದು, ನ್ಯಾಯಮೂರ್ತಿ ಎ.ಜೆ.ಸದಾಶಿವ ಆಯೋಗದ ವರದಿ,ಕಾಂತರಾಜು ವರದಿ,ಮಾಧುಸ್ವಾಮಿ ನೇತೃತ್ವದ ಸಮಿತಿ ವರದಿ ಸೇರಿದಂತೆ ಹಲವು ವರದಿಗಳು ಸರ್ಕಾರದ ಮುಂದಿವೆ. ಆದರೂ ಸರ್ಕಾರ ಕ್ರಮ ಕೈಗೊಳ್ಳುತ್ತಿಲ್ಲ. ಒಳಮೀಸಲಾತಿ ವಿಷಯದಲ್ಲಿ ಸಮುದಾಯಕ್ಕೆ ಮಾಡುತ್ತಿರುವ ಅನ್ಯಾಯ. ಸರ್ಕಾರದ ಈ ತೀರ್ಮಾನ ಸರಿಯಲ್ಲ. ದಶಕಗಳಿಂದ ಹೋರಾಟ ನಡೆಯುತ್ತಿದೆ. ಆಯೋಗ ರಚನೆ ಮೂಲಕ ಕಾಲಹರಣ ಮಾಡುವುದು ಸರಿಯಲ್ಲ ಎಂದು ತಿಳಿಸಿದರು. ಡಾ.ಬಿ.ಆರ್.ಅಂಬೇಡ್ಕರ್ ಅವರ ಆಶಯದಂತೆ ತಳಸಮುದಾಯಕ್ಕೆ ನ್ಯಾಯ ದೊರಕಬೇಕು.
ಮೀಸಲಾತಿ ಸಂಬಂಧ ಸರ್ಕಾರ ಈಗಲಾದರೂ ಸರಿಯಾದ ನಿರ್ಧಾರ ಕೈಗೊಳ್ಳಬೇಕು. ಈ ಬಗ್ಗೆ ಕಾಂಗ್ರೆಸ್ ಸರ್ಕಾರ ಮಾತು ಕೊಟ್ಟಂತೆ ನಡೆದುಕೊಳ್ಳಬೇಕು. ಒಳಮೀಸಲಾತಿ ಜಾರಿ ಮಾಡದಿದ್ದರೆ ತೀವ್ರ ಹೋರಾಟ ಮಾಡಲಾಗುವುದು. ಸಮುದಾಯದ ಎಲ್ಲ ಮುಖಂಡರು ಒಗ್ಗಟ್ಟಾಗಿ ಹೋರಾಟ ನಡೆಸಲಿದ್ದಾರೆ. ಒಳಮೀಸಲಾತಿ ಜಾರಿಯಾಗುವವರೆಗೂ ವಿರಮಿಸುವುದಿಲ್ಲ. ಸಂವಿಧಾನಬದ್ಧ ಹಕ್ಕಿಗಾಗಿ ನಮ್ಮ ಹೋರಾಟ ನಿರಂತರವಾಗಿರುತ್ತದೆ ಎಂದು ಎಚ್ಚರಿಸಿದರು.
ಸುಪ್ರೀಂ ಕೋರ್ಟ್‌ನಲ್ಲಿ ಮೀಸಲಾತಿ ಕುರಿತ ವಾದವಿವಾದ ಮಂಡನೆಯಾಗುತ್ತಿರುವ ಸಂದರ್ಭದಲ್ಲಿ ರಾಜ್ಯದ ಸರ್ಕಾರ ಸಂವಿಧಾನ ಆರ್ಟಿಕಲ್ 341 ಅಮೆಂಡ್‌ಮೆಂಟ್ ಮಾಡಿ ಎಂದು ಕೇಂದ್ರ ಸರ್ಕಾರಕ್ಕೆ ಶಿಫಾರಸು ಮಾಡಿತ್ತು. ಒಳಮೀಸಲಾತಿ ಜಾರಿ ಮಾಡುವ ಬಗ್ಗೆ ರಾಜ್ಯ ಸರ್ಕಾರಕ್ಕೆ ಅಧಿಕಾರ ಇಲ್ಲ ಎಂಬುದನ್ನು ಇಂದು ತೋರಿಸುವ ಮೂಲಕ ಈಗ ಆಯೋಗ ರಚನೆ ಮಾಡಿರುವುದು ಸರಿಯಲ್ಲ. ಕಳೆದ 45 ವರ್ಷಗಳ ಹೋರಾಟದ ಫಲವಾಗಿ ಇಂದು ಒಳಮೀಸಲಾತಿ ಸಿಗುವಂತಾಗಿದೆ. ಇದನ್ನು ಕೂಡಲೇ ಜಾರಿಗೆ ತರಬೇಕು. ಸರ್ಕಾರ ನಿರ್ಲಕ್ಷ್ಯ ತೋರಿದರೆ ಉಗ್ರ ಹೋರಾಟ ನಡೆಸಲಾಗುವುದು. ಸುದ್ದಿಗೋಷ್ಠಿಯಲ್ಲಿ ಮುಖಂಡರಾದ ಕೋಡಿಯಾಲ ಮಹದೇವ, ಶ್ರೀರಾಮ್, ನರಸಿಂಹಯ್ಯ ಸೇರಿದಂತೆ ಅನೇಕ ಮುಖಂಡರು ಹಾಜರಿದ್ದರು. (4ನೇ ಪುಟಕ್ಕೆ)
